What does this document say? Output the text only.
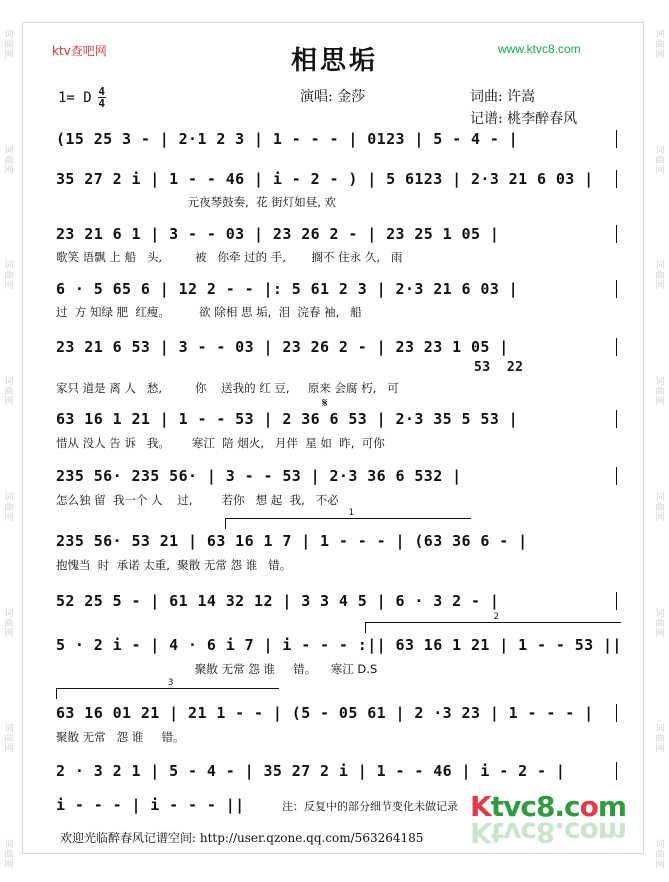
词曲网
词曲网
词曲网
词曲网
词曲网
词曲网
词曲网
词曲网
词曲网
词曲网
词曲网
词曲网
词曲网
词曲网
词曲网
词曲网
ktv查吧网	www.ktvc8.com
相思垢
1= D 4
4	演唱: 金莎	词曲: 许嵩
记谱: 桃李醉春风
(15 25 3 - | 2·1 2 3 | 1 - - - | 0123 | 5 - 4 - |
35 27 2 i | 1 - - 46 | i - 2 - ) | 5 6123 | 2·3 21 6 03 |
元夜琴鼓奏,  花 街灯如昼, 欢
23 21 6 1 | 3 - - 03 | 23 26 2 - | 23 25 1 05 |
歌笑 语飘 上 船   头,         被   你牵 过的 手,       搁不 住永 久,   雨
6 · 5 65 6 | 12 2 - - |: 5 61 2 3 | 2·3 21 6 03 |
过  方 知绿 肥  红瘦。        欲 除相 思 垢,  泪  浣春 袖,   船
23 21 6 53 | 3 - - 03 | 23 26 2 - | 23 23 1 05 |
53  22
家只 道是 离 人   愁,         你    送我的 红 豆,     原来 会腐 朽,   可
𝄋
63 16 1 21 | 1 - - 53 | 2 36 6 53 | 2·3 35 5 53 |
惜从 没人 告 诉   我。      寒江  陪 烟火,   月伴  星 如  昨,  可你
235 56· 235 56· | 3 - - 53 | 2·3 36 6 532 |
怎么独 留  我一个 人    过,        若你   想 起  我,   不必
1
235 56· 53 21 | 63 16 1 7 | 1 - - - | (63 36 6 - |
抱愧当  时  承诺 太重,  聚散 无常 怨 谁   错。
52 25 5 - | 61 14 32 12 | 3 3 4 5 | 6 · 3 2 - |
2
5 · 2 i - | 4 · 6 i 7 | i - - - :|| 63 16 1 21 | 1 - - 53 ||
聚散 无常 怨 谁     错。    寒江 D.S
3
63 16 01 21 | 21 1 - - | (5 - 05 61 | 2 ·3 23 | 1 - - - |
聚散 无常   怨 谁     错。
2 · 3 2 1 | 5 - 4 - | 35 27 2 i | 1 - - 46 | i - 2 - |
i - - - | i - - - ||	注：反复中的部分细节变化未做记录
欢迎光临醉春风记谱空间: http://user.qzone.qq.com/563264185
Ktvc8.com
Ktvc8.com
